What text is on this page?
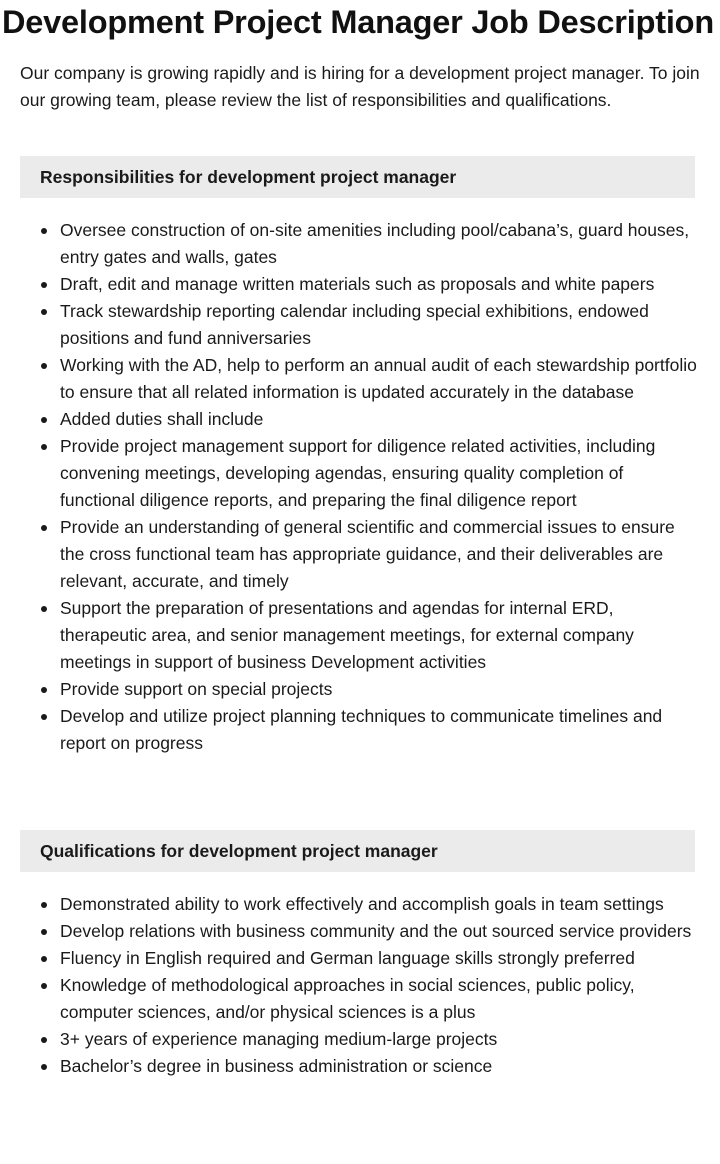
Development Project Manager Job Description

Our company is growing rapidly and is hiring for a development project manager. To join our growing team, please review the list of responsibilities and qualifications.

Responsibilities for development project manager
Oversee construction of on-site amenities including pool/cabana’s, guard houses, entry gates and walls, gates
Draft, edit and manage written materials such as proposals and white papers
Track stewardship reporting calendar including special exhibitions, endowed positions and fund anniversaries
Working with the AD, help to perform an annual audit of each stewardship portfolio to ensure that all related information is updated accurately in the database
Added duties shall include
Provide project management support for diligence related activities, including convening meetings, developing agendas, ensuring quality completion of functional diligence reports, and preparing the final diligence report
Provide an understanding of general scientific and commercial issues to ensure the cross functional team has appropriate guidance, and their deliverables are relevant, accurate, and timely
Support the preparation of presentations and agendas for internal ERD, therapeutic area, and senior management meetings, for external company meetings in support of business Development activities
Provide support on special projects
Develop and utilize project planning techniques to communicate timelines and report on progress
Qualifications for development project manager
Demonstrated ability to work effectively and accomplish goals in team settings
Develop relations with business community and the out sourced service providers
Fluency in English required and German language skills strongly preferred
Knowledge of methodological approaches in social sciences, public policy, computer sciences, and/or physical sciences is a plus
3+ years of experience managing medium-large projects
Bachelor’s degree in business administration or science
